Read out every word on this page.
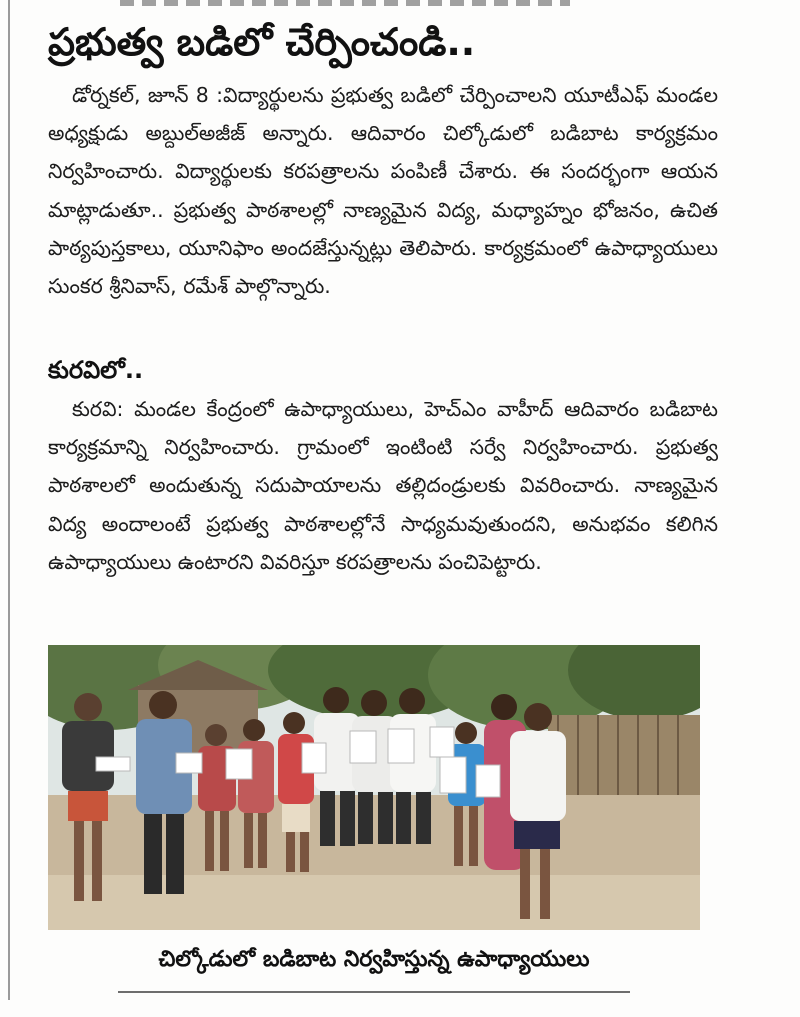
ప్రభుత్వ బడిలో చేర్పించండి..

డోర్నకల్, జూన్ 8 :విద్యార్థులను ప్రభుత్వ బడిలో చేర్పించాలని యూటీఎఫ్ మండల అధ్యక్షుడు అబ్దుల్అజీజ్ అన్నారు. ఆదివారం చిల్కోడులో బడిబాట కార్యక్రమం నిర్వహించారు. విద్యార్థులకు కరపత్రాలను పంపిణీ చేశారు. ఈ సందర్భంగా ఆయన మాట్లాడుతూ.. ప్రభుత్వ పాఠశాలల్లో నాణ్యమైన విద్య, మధ్యాహ్నం భోజనం, ఉచిత పాఠ్యపుస్తకాలు, యూనిఫాం అందజేస్తున్నట్లు తెలిపారు. కార్యక్రమంలో ఉపాధ్యాయులు సుంకర శ్రీనివాస్, రమేశ్ పాల్గొన్నారు.

కురవిలో..

కురవి: మండల కేంద్రంలో ఉపాధ్యాయులు, హెచ్ఎం వాహీద్ ఆదివారం బడిబాట కార్యక్రమాన్ని నిర్వహించారు. గ్రామంలో ఇంటింటి సర్వే నిర్వహించారు. ప్రభుత్వ పాఠశాలలో అందుతున్న సదుపాయాలను తల్లిదండ్రులకు వివరించారు. నాణ్యమైన విద్య అందాలంటే ప్రభుత్వ పాఠశాలల్లోనే సాధ్యమవుతుందని, అనుభవం కలిగిన ఉపాధ్యాయులు ఉంటారని వివరిస్తూ కరపత్రాలను పంచిపెట్టారు.

చిల్కోడులో బడిబాట నిర్వహిస్తున్న ఉపాధ్యాయులు
